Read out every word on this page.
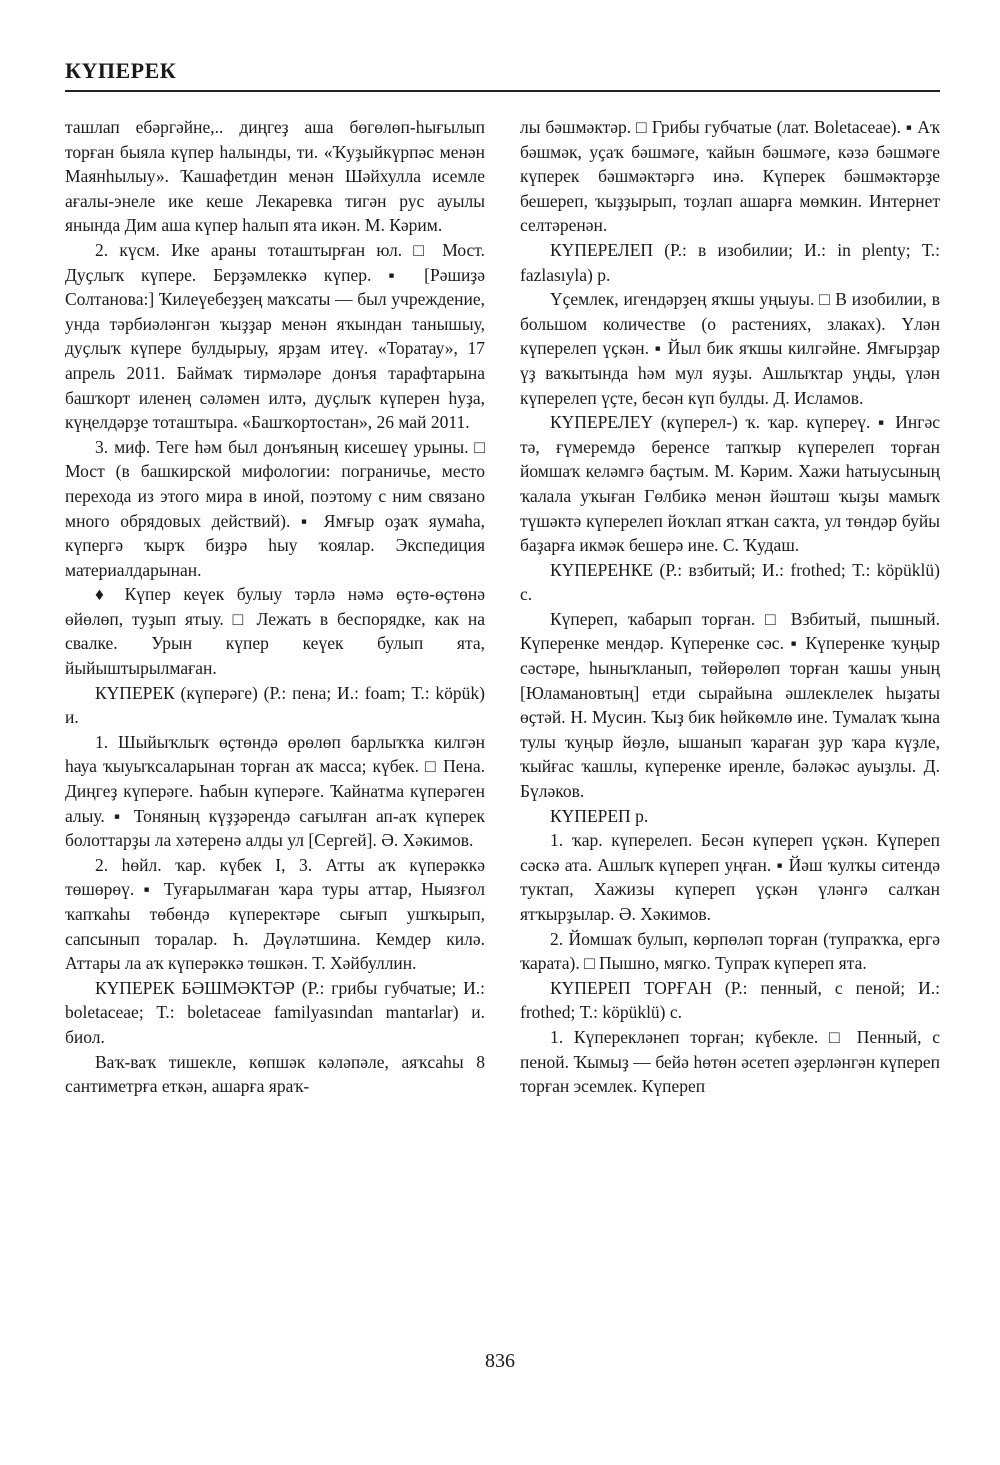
КҮПЕРЕК

ташлап ебәргәйне,.. диңгеҙ аша бөгөлөп-һығылып торған быяла күпер һалынды, ти. «Ҡуҙыйкүрпәс менән Маянһылыу». Ҡашафетдин менән Шәйхулла исемле ағалы-энеле ике кеше Лекаревка тигән рус ауылы янында Дим аша күпер һалып ята икән. М. Кәрим.

2. күсм. Ике араны тоташтырған юл. □ Мост. Дуҫлыҡ күпере. Берҙәмлеккә күпер. ▪ [Рәшиҙә Солтанова:] Ҡилеүебеҙҙең маҡсаты — был учреждение, унда тәрбиәләнгән ҡыҙҙар менән яҡындан танышыу, дуҫлыҡ күпере булдырыу, ярҙам итеү. «Торатау», 17 апрель 2011. Баймаҡ тирмәләре донъя тарафтарына башҡорт иленең сәләмен илтә, дуҫлыҡ күперен һуҙа, күңелдәрҙе тоташтыра. «Башҡортостан», 26 май 2011.

3. миф. Теге һәм был донъяның кисешеү урыны. □ Мост (в башкирской мифологии: пограничье, место перехода из этого мира в иной, поэтому с ним связано много обрядовых действий). ▪ Ямғыр оҙаҡ яумаһа, күпергә ҡырҡ биҙрә һыу ҡоялар. Экспедиция материалдарынан.

♦ Күпер кеүек булыу тәрлә нәмә өҫтө-өҫтөнә өйөлөп, туҙып ятыу. □ Лежать в беспорядке, как на свалке. Урын күпер кеүек булып ята, йыйыштырылмаған.

КҮПЕРЕК (күперәге) (Р.: пена; И.: foam; Т.: köpük) и.

1. Шыйыҡлыҡ өҫтөндә өрөлөп барлыҡҡа килгән һауа ҡыуыҡсаларынан торған аҡ масса; күбек. □ Пена. Диңгеҙ күперәге. Һабын күперәге. Ҡайнатма күперәген алыу. ▪ Тоняның күҙҙәрендә сағылған ап-аҡ күперек болоттарҙы ла хәтеренә алды ул [Сергей]. Ә. Хәкимов.

2. һөйл. ҡар. күбек I, 3. Атты аҡ күперәккә төшөрөү. ▪ Туғарылмаған ҡара туры аттар, Ныязғол ҡапҡаһы төбөндә күперектәре сығып ушҡырып, сапсынып торалар. Һ. Дәүләтшина. Кемдер килә. Аттары ла аҡ күперәккә төшкән. Т. Хәйбуллин.

КҮПЕРЕК БӘШМӘКТӘР (Р.: грибы губчатые; И.: boletaceae; Т.: boletaceae familyasından mantarlar) и. биол.

Ваҡ-ваҡ тишекле, көпшәк кәләпәле, аяҡсаһы 8 сантиметрға еткән, ашарға яраҡ-

лы бәшмәктәр. □ Грибы губчатые (лат. Boletaceae). ▪ Аҡ бәшмәк, уҫаҡ бәшмәге, ҡайын бәшмәге, кәзә бәшмәге күперек бәшмәктәргә инә. Күперек бәшмәктәрҙе бешереп, ҡыҙҙырып, тоҙлап ашарға мөмкин. Интернет селтәренән.

КҮПЕРЕЛЕП (Р.: в изобилии; И.: in plenty; Т.: fazlasıyla) р.

Үҫемлек, игендәрҙең яҡшы уңыуы. □ В изобилии, в большом количестве (о растениях, злаках). Үлән күперелеп үҫкән. ▪ Йыл бик яҡшы килгәйне. Ямғырҙар үҙ ваҡытында һәм мул яуҙы. Ашлыҡтар уңды, үлән күперелеп үҫте, бесән күп булды. Д. Исламов.

КҮПЕРЕЛЕҮ (күперел-) ҡ. ҡар. күпереү. ▪ Ингәс тә, ғүмеремдә беренсе тапҡыр күперелеп торған йомшаҡ келәмгә баҫтым. М. Кәрим. Хажи һатыусының ҡалала уҡыған Гөлбикә менән йәштәш ҡыҙы мамыҡ түшәктә күперелеп йоҡлап ятҡан саҡта, ул төндәр буйы баҙарға икмәк бешерә ине. С. Ҡудаш.

КҮПЕРЕНКЕ (Р.: взбитый; И.: frothed; Т.: köpüklü) с.

Күпереп, ҡабарып торған. □ Взбитый, пышный. Күперенке мендәр. Күперенке сәс. ▪ Күперенке ҡуңыр сәстәре, һыныҡланып, төйөрөлөп торған ҡашы уның [Юламановтың] етди сырайына әшлеклелек һыҙаты өҫтәй. Н. Мусин. Ҡыҙ бик һөйкөмлө ине. Тумалаҡ ҡына тулы ҡуңыр йөҙлө, ышанып ҡараған ҙур ҡара күҙле, ҡыйғас ҡашлы, күперенке иренле, бәләкәс ауыҙлы. Д. Бүләков.

КҮПЕРЕП р.

1. ҡар. күперелеп. Бесән күпереп үҫкән. Күпереп сәскә ата. Ашлыҡ күпереп уңған. ▪ Йәш ҡулҡы ситендә туктап, Хажизы күпереп үҫкән үләнгә салҡан ятҡырҙылар. Ә. Хәкимов.

2. Йомшаҡ булып, көрпөләп торған (тупраҡҡа, ергә ҡарата). □ Пышно, мягко. Тупраҡ күпереп ята.

КҮПЕРЕП ТОРҒАН (Р.: пенный, с пеной; И.: frothed; Т.: köpüklü) с.

1. Күперекләнеп торған; күбекле. □ Пенный, с пеной. Ҡымыҙ — бейә һөтөн әсетеп әҙерләнгән күпереп торған эсемлек. Күпереп

836
